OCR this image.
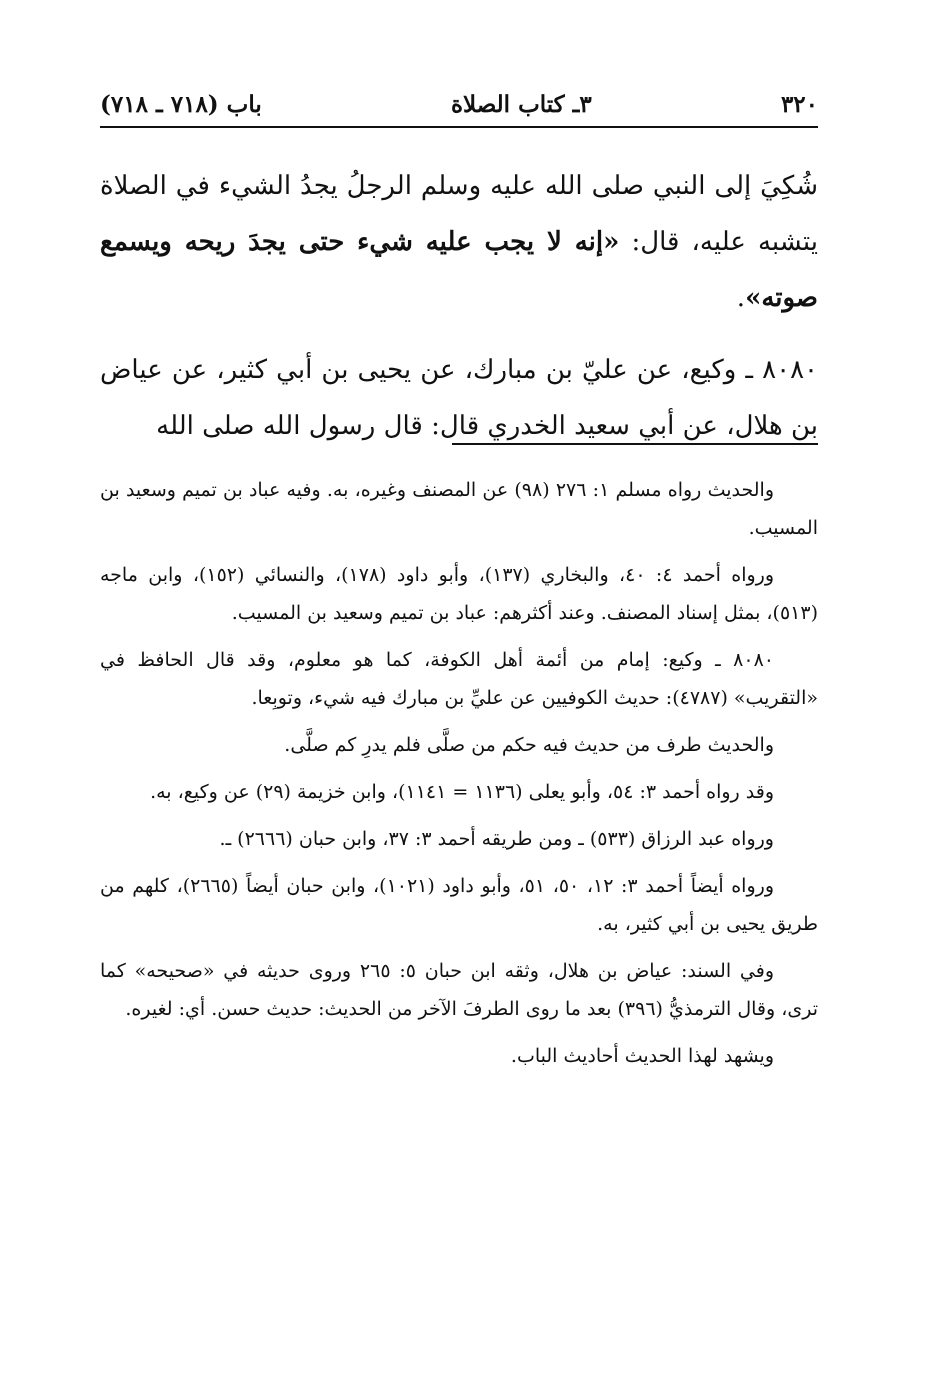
٣٢٠
٣ـ كتاب الصلاة
باب (٧١٨ ـ ٧١٨)

شُكِيَ إلى النبي صلى الله عليه وسلم الرجلُ يجدُ الشيء في الصلاة يتشبه عليه، قال: «إنه لا يجب عليه شيء حتى يجدَ ريحه ويسمع صوته».

٨٠٨٠ ـ وكيع، عن عليّ بن مبارك، عن يحيى بن أبي كثير، عن عياض بن هلال، عن أبي سعيد الخدري قال: قال رسول الله صلى الله

والحديث رواه مسلم ١: ٢٧٦ (٩٨) عن المصنف وغيره، به. وفيه عباد بن تميم وسعيد بن المسيب.

ورواه أحمد ٤: ٤٠، والبخاري (١٣٧)، وأبو داود (١٧٨)، والنسائي (١٥٢)، وابن ماجه (٥١٣)، بمثل إسناد المصنف. وعند أكثرهم: عباد بن تميم وسعيد بن المسيب.

٨٠٨٠ ـ وكيع: إمام من أئمة أهل الكوفة، كما هو معلوم، وقد قال الحافظ في «التقريب» (٤٧٨٧): حديث الكوفيين عن عليِّ بن مبارك فيه شيء، وتوبِعا.

والحديث طرف من حديث فيه حكم من صلَّى فلم يدرِ كم صلَّى.

وقد رواه أحمد ٣: ٥٤، وأبو يعلى (١١٣٦ = ١١٤١)، وابن خزيمة (٢٩) عن وكيع، به.

ورواه عبد الرزاق (٥٣٣) ـ ومن طريقه أحمد ٣: ٣٧، وابن حبان (٢٦٦٦) ـ.

ورواه أيضاً أحمد ٣: ١٢، ٥٠، ٥١، وأبو داود (١٠٢١)، وابن حبان أيضاً (٢٦٦٥)، كلهم من طريق يحيى بن أبي كثير، به.

وفي السند: عياض بن هلال، وثقه ابن حبان ٥: ٢٦٥ وروى حديثه في «صحيحه» كما ترى، وقال الترمذيُّ (٣٩٦) بعد ما روى الطرفَ الآخر من الحديث: حديث حسن. أي: لغيره.

ويشهد لهذا الحديث أحاديث الباب.
